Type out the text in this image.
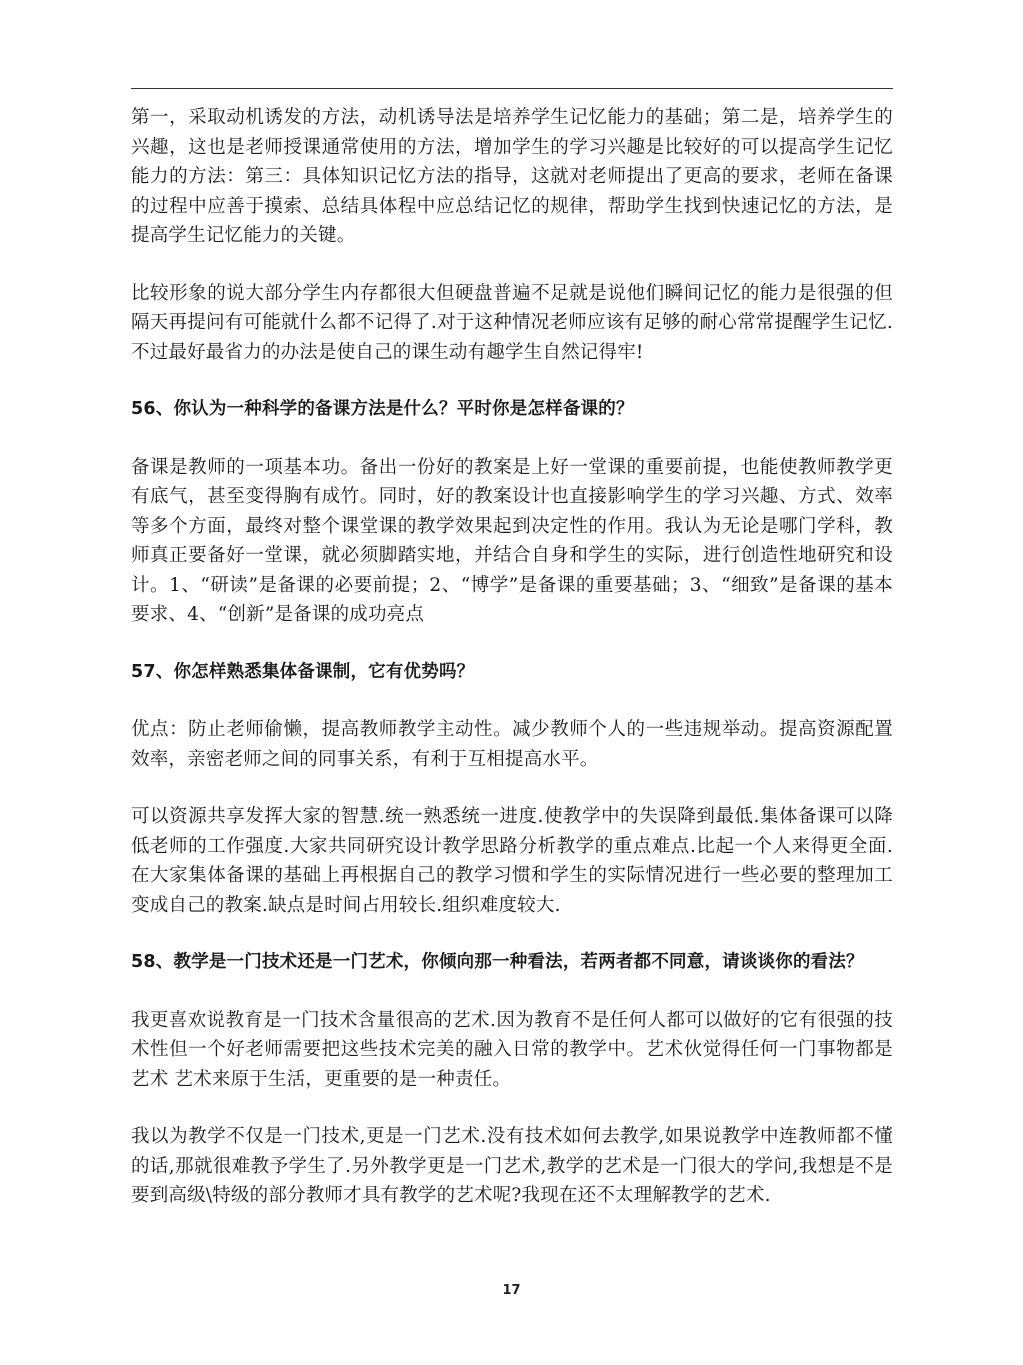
第一，采取动机诱发的方法，动机诱导法是培养学生记忆能力的基础；第二是，培养学生的兴趣，这也是老师授课通常使用的方法，增加学生的学习兴趣是比较好的可以提高学生记忆能力的方法：第三：具体知识记忆方法的指导，这就对老师提出了更高的要求，老师在备课的过程中应善于摸索、总结具体程中应总结记忆的规律，帮助学生找到快速记忆的方法，是提高学生记忆能力的关键。

比较形象的说大部分学生内存都很大但硬盘普遍不足就是说他们瞬间记忆的能力是很强的但隔天再提问有可能就什么都不记得了.对于这种情况老师应该有足够的耐心常常提醒学生记忆.不过最好最省力的办法是使自己的课生动有趣学生自然记得牢!

56、你认为一种科学的备课方法是什么？平时你是怎样备课的？

备课是教师的一项基本功。备出一份好的教案是上好一堂课的重要前提，也能使教师教学更有底气，甚至变得胸有成竹。同时，好的教案设计也直接影响学生的学习兴趣、方式、效率等多个方面，最终对整个课堂课的教学效果起到决定性的作用。我认为无论是哪门学科，教师真正要备好一堂课，就必须脚踏实地，并结合自身和学生的实际，进行创造性地研究和设计。1、“研读”是备课的必要前提；2、“博学”是备课的重要基础；3、“细致”是备课的基本要求、4、“创新”是备课的成功亮点

57、你怎样熟悉集体备课制，它有优势吗？

优点：防止老师偷懒，提高教师教学主动性。减少教师个人的一些违规举动。提高资源配置效率，亲密老师之间的同事关系，有利于互相提高水平。

可以资源共享发挥大家的智慧.统一熟悉统一进度.使教学中的失误降到最低.集体备课可以降低老师的工作强度.大家共同研究设计教学思路分析教学的重点难点.比起一个人来得更全面.在大家集体备课的基础上再根据自己的教学习惯和学生的实际情况进行一些必要的整理加工变成自己的教案.缺点是时间占用较长.组织难度较大.

58、教学是一门技术还是一门艺术，你倾向那一种看法，若两者都不同意，请谈谈你的看法？

我更喜欢说教育是一门技术含量很高的艺术.因为教育不是任何人都可以做好的它有很强的技术性但一个好老师需要把这些技术完美的融入日常的教学中。艺术伙觉得任何一门事物都是艺术 艺术来原于生活，更重要的是一种责任。

我以为教学不仅是一门技术,更是一门艺术.没有技术如何去教学,如果说教学中连教师都不懂的话,那就很难教予学生了.另外教学更是一门艺术,教学的艺术是一门很大的学问,我想是不是要到高级\特级的部分教师才具有教学的艺术呢?我现在还不太理解教学的艺术.

17
